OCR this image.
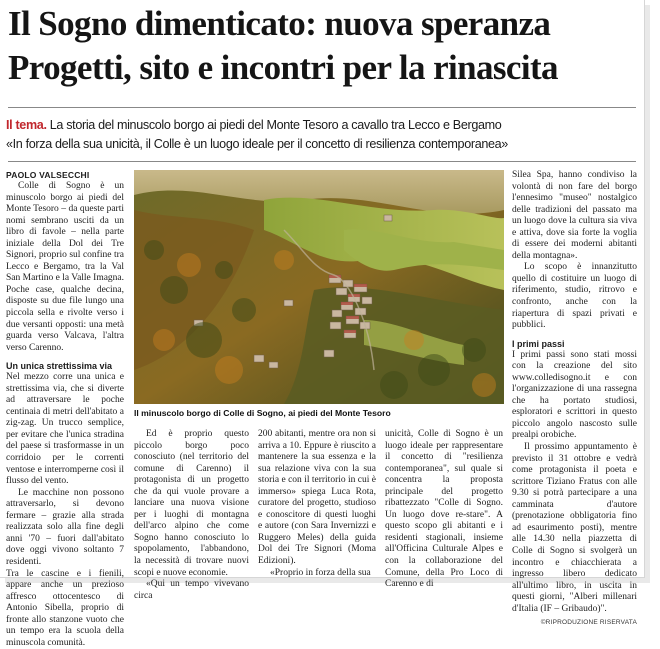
Il Sogno dimenticato: nuova speranza
Progetti, sito e incontri per la rinascita
Il tema. La storia del minuscolo borgo ai piedi del Monte Tesoro a cavallo tra Lecco e Bergamo
«In forza della sua unicità, il Colle è un luogo ideale per il concetto di resilienza contemporanea»

PAOLO VALSECCHI

Colle di Sogno è un minuscolo borgo ai piedi del Monte Tesoro – da queste parti nomi sembrano usciti da un libro di favole – nella parte iniziale della Dol dei Tre Signori, proprio sul confine tra Lecco e Bergamo, tra la Val San Martino e la Valle Imagna. Poche case, qualche decina, disposte su due file lungo una piccola sella e rivolte verso i due versanti opposti: una metà guarda verso Valcava, l'altra verso Carenno.

Un unica strettissima via

Nel mezzo corre una unica e strettissima via, che si diverte ad attraversare le poche centinaia di metri dell'abitato a zig-zag. Un trucco semplice, per evitare che l'unica stradina del paese si trasformasse in un corridoio per le correnti ventose e interromperne così il flusso del vento.

Le macchine non possono attraversarlo, si devono fermare – grazie alla strada realizzata solo alla fine degli anni '70 – fuori dall'abitato dove oggi vivono soltanto 7 residenti.

Tra le cascine e i fienili, appare anche un prezioso affresco ottocentesco di Antonio Sibella, proprio di fronte allo stanzone vuoto che un tempo era la scuola della minuscola comunità.

Il minuscolo borgo di Colle di Sogno, ai piedi del Monte Tesoro

Ed è proprio questo piccolo borgo poco conosciuto (nel territorio del comune di Carenno) il protagonista di un progetto che da qui vuole provare a lanciare una nuova visione per i luoghi di montagna dell'arco alpino che come Sogno hanno conosciuto lo spopolamento, l'abbandono, la necessità di trovare nuovi scopi e nuove economie.

«Qui un tempo vivevano circa

200 abitanti, mentre ora non si arriva a 10. Eppure è riuscito a mantenere la sua essenza e la sua relazione viva con la sua storia e con il territorio in cui è immerso» spiega Luca Rota, curatore del progetto, studioso e conoscitore di questi luoghi e autore (con Sara Invernizzi e Ruggero Meles) della guida Dol dei Tre Signori (Moma Edizioni).

«Proprio in forza della sua

unicità, Colle di Sogno è un luogo ideale per rappresentare il concetto di "resilienza contemporanea", sul quale si concentra la proposta principale del progetto ribattezzato "Colle di Sogno. Un luogo dove re-stare". A questo scopo gli abitanti e i residenti stagionali, insieme all'Officina Culturale Alpes e con la collaborazione del Comune, della Pro Loco di Carenno e di

Silea Spa, hanno condiviso la volontà di non fare del borgo l'ennesimo "museo" nostalgico delle tradizioni del passato ma un luogo dove la cultura sia viva e attiva, dove sia forte la voglia di essere dei moderni abitanti della montagna».

Lo scopo è innanzitutto quello di costituire un luogo di riferimento, studio, ritrovo e confronto, anche con la riapertura di spazi privati e pubblici.

I primi passi

I primi passi sono stati mossi con la creazione del sito www.colledisogno.it e con l'organizzazione di una rassegna che ha portato studiosi, esploratori e scrittori in questo piccolo angolo nascosto sulle prealpi orobiche.

Il prossimo appuntamento è previsto il 31 ottobre e vedrà come protagonista il poeta e scrittore Tiziano Fratus con alle 9.30 si potrà partecipare a una camminata d'autore (prenotazione obbligatoria fino ad esaurimento posti), mentre alle 14.30 nella piazzetta di Colle di Sogno si svolgerà un incontro e chiacchierata a ingresso libero dedicato all'ultimo libro, in uscita in questi giorni, "Alberi millenari d'Italia (IF – Gribaudo)".

©RIPRODUZIONE RISERVATA
